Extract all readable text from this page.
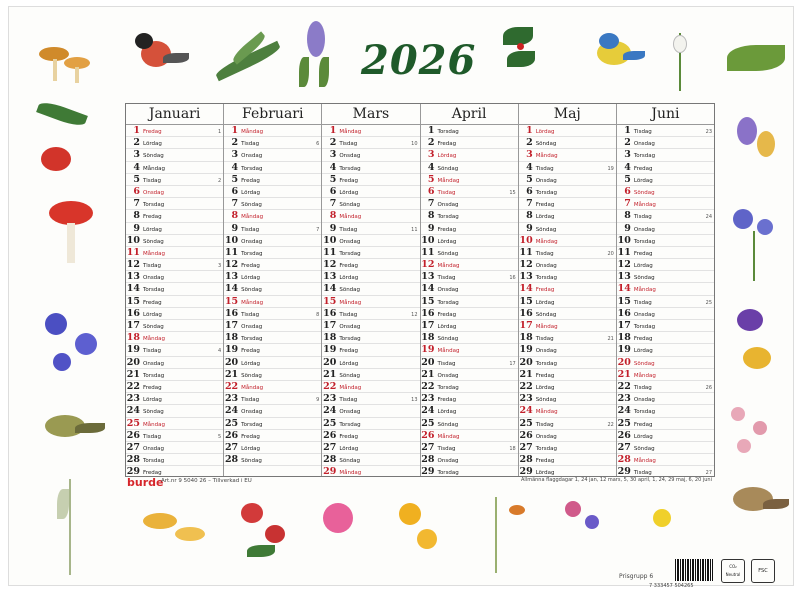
2026
Januari
1 Fredag	1
2 Lördag
3 Söndag
4 Måndag
5 Tisdag	2
6 Onsdag
7 Torsdag
8 Fredag
9 Lördag
10 Söndag
11 Måndag
12 Tisdag	3
13 Onsdag
14 Torsdag
15 Fredag
16 Lördag
17 Söndag
18 Måndag
19 Tisdag	4
20 Onsdag
21 Torsdag
22 Fredag
23 Lördag
24 Söndag
25 Måndag
26 Tisdag	5
27 Onsdag
28 Torsdag
29 Fredag
Februari
1 Måndag
2 Tisdag	6
3 Onsdag
4 Torsdag
5 Fredag
6 Lördag
7 Söndag
8 Måndag
9 Tisdag	7
10 Onsdag
11 Torsdag
12 Fredag
13 Lördag
14 Söndag
15 Måndag
16 Tisdag	8
17 Onsdag
18 Torsdag
19 Fredag
20 Lördag
21 Söndag
22 Måndag
23 Tisdag	9
24 Onsdag
25 Torsdag
26 Fredag
27 Lördag
28 Söndag
Mars
1 Måndag
2 Tisdag	10
3 Onsdag
4 Torsdag
5 Fredag
6 Lördag
7 Söndag
8 Måndag
9 Tisdag	11
10 Onsdag
11 Torsdag
12 Fredag
13 Lördag
14 Söndag
15 Måndag
16 Tisdag	12
17 Onsdag
18 Torsdag
19 Fredag
20 Lördag
21 Söndag
22 Måndag
23 Tisdag	13
24 Onsdag
25 Torsdag
26 Fredag
27 Lördag
28 Söndag
29 Måndag
April
1 Torsdag
2 Fredag
3 Lördag
4 Söndag
5 Måndag
6 Tisdag	15
7 Onsdag
8 Torsdag
9 Fredag
10 Lördag
11 Söndag
12 Måndag
13 Tisdag	16
14 Onsdag
15 Torsdag
16 Fredag
17 Lördag
18 Söndag
19 Måndag
20 Tisdag	17
21 Onsdag
22 Torsdag
23 Fredag
24 Lördag
25 Söndag
26 Måndag
27 Tisdag	18
28 Onsdag
29 Torsdag
Maj
1 Lördag
2 Söndag
3 Måndag
4 Tisdag	19
5 Onsdag
6 Torsdag
7 Fredag
8 Lördag
9 Söndag
10 Måndag
11 Tisdag	20
12 Onsdag
13 Torsdag
14 Fredag
15 Lördag
16 Söndag
17 Måndag
18 Tisdag	21
19 Onsdag
20 Torsdag
21 Fredag
22 Lördag
23 Söndag
24 Måndag
25 Tisdag	22
26 Onsdag
27 Torsdag
28 Fredag
29 Lördag
Juni
1 Tisdag	23
2 Onsdag
3 Torsdag
4 Fredag
5 Lördag
6 Söndag
7 Måndag
8 Tisdag	24
9 Onsdag
10 Torsdag
11 Fredag
12 Lördag
13 Söndag
14 Måndag
15 Tisdag	25
16 Onsdag
17 Torsdag
18 Fredag
19 Lördag
20 Söndag
21 Måndag
22 Tisdag	26
23 Onsdag
24 Torsdag
25 Fredag
26 Lördag
27 Söndag
28 Måndag
29 Tisdag	27
burde
Art.nr 9 5040 26 – Tillverkad i EU	Allmänna flaggdagar 1, 24 jan, 12 mars, 5, 30 april, 1, 24, 29 maj, 6, 20 juni
Prisgrupp 6
7 333457 504265
CO₂ Neutral
FSC
